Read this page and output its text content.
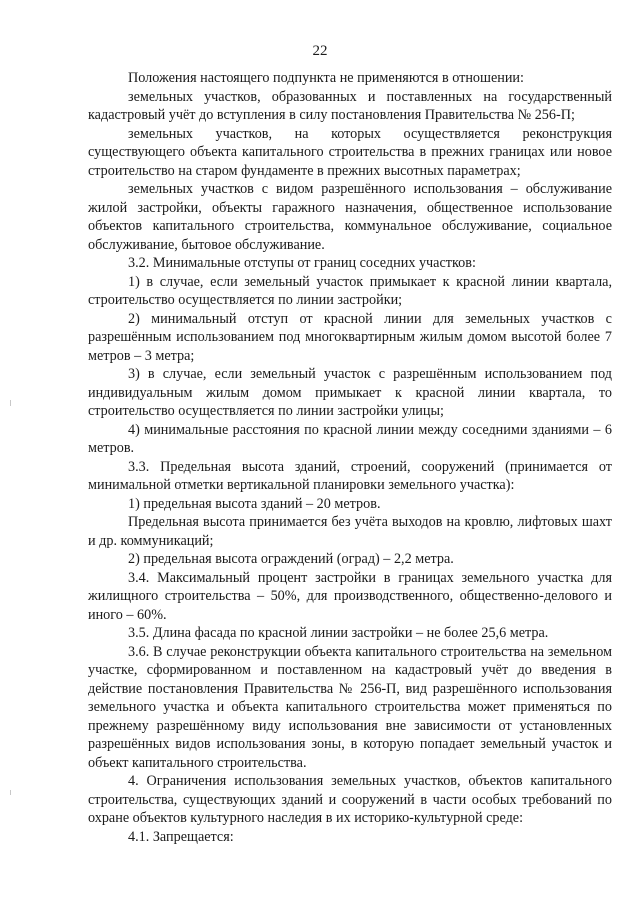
22

Положения настоящего подпункта не применяются в отношении:

земельных участков, образованных и поставленных на государственный кадастровый учёт до вступления в силу постановления Правительства № 256-П;

земельных участков, на которых осуществляется реконструкция существующего объекта капитального строительства в прежних границах или новое строительство на старом фундаменте в прежних высотных параметрах;

земельных участков с видом разрешённого использования – обслуживание жилой застройки, объекты гаражного назначения, общественное использование объектов капитального строительства, коммунальное обслуживание, социальное обслуживание, бытовое обслуживание.

3.2. Минимальные отступы от границ соседних участков:

1) в случае, если земельный участок примыкает к красной линии квартала, строительство осуществляется по линии застройки;

2) минимальный отступ от красной линии для земельных участков с разрешённым использованием под многоквартирным жилым домом высотой более 7 метров – 3 метра;

3) в случае, если земельный участок с разрешённым использованием под индивидуальным жилым домом примыкает к красной линии квартала, то строительство осуществляется по линии застройки улицы;

4) минимальные расстояния по красной линии между соседними зданиями – 6 метров.

3.3. Предельная высота зданий, строений, сооружений (принимается от минимальной отметки вертикальной планировки земельного участка):

1) предельная высота зданий – 20 метров.

Предельная высота принимается без учёта выходов на кровлю, лифтовых шахт и др. коммуникаций;

2) предельная высота ограждений (оград) – 2,2 метра.

3.4. Максимальный процент застройки в границах земельного участка для жилищного строительства – 50%, для производственного, общественно-делового и иного – 60%.

3.5. Длина фасада по красной линии застройки – не более 25,6 метра.

3.6. В случае реконструкции объекта капитального строительства на земельном участке, сформированном и поставленном на кадастровый учёт до введения в действие постановления Правительства № 256-П, вид разрешённого использования земельного участка и объекта капитального строительства может применяться по прежнему разрешённому виду использования вне зависимости от установленных разрешённых видов использования зоны, в которую попадает земельный участок и объект капитального строительства.

4. Ограничения использования земельных участков, объектов капитального строительства, существующих зданий и сооружений в части особых требований по охране объектов культурного наследия в их историко-культурной среде:

4.1. Запрещается:
